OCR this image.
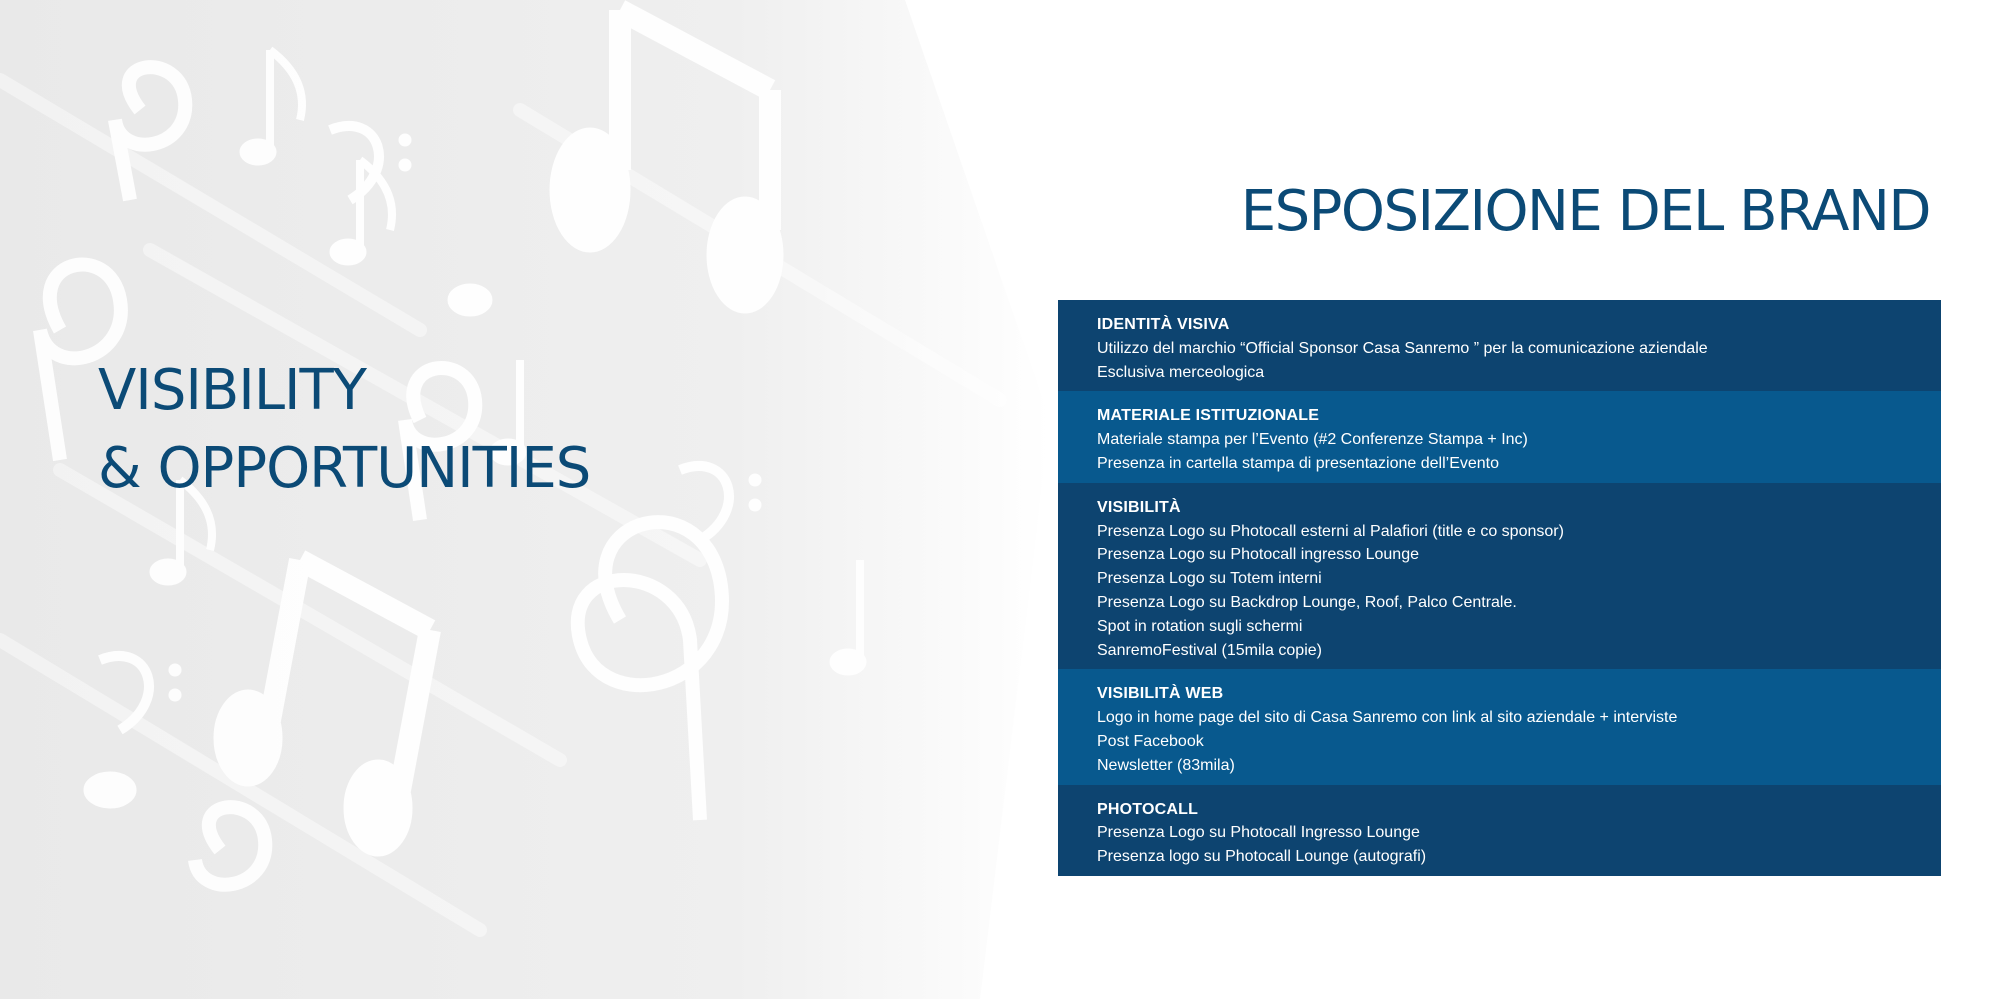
VISIBILITY
& OPPORTUNITIES
ESPOSIZIONE DEL BRAND
IDENTITÀ VISIVA
Utilizzo del marchio “Official Sponsor Casa Sanremo ” per la comunicazione aziendale
Esclusiva merceologica
MATERIALE ISTITUZIONALE
Materiale stampa per l’Evento (#2 Conferenze Stampa + Inc)
Presenza in cartella stampa di presentazione dell’Evento
VISIBILITÀ
Presenza Logo su Photocall esterni al Palafiori (title e co sponsor)
Presenza Logo su Photocall ingresso Lounge
Presenza Logo su Totem interni
Presenza Logo su Backdrop Lounge, Roof, Palco Centrale.
Spot in rotation sugli schermi
SanremoFestival (15mila copie)
VISIBILITÀ WEB
Logo in home page del sito di Casa Sanremo con link al sito aziendale + interviste
Post Facebook
Newsletter (83mila)
PHOTOCALL
Presenza Logo su Photocall Ingresso Lounge
Presenza logo su Photocall Lounge (autografi)
